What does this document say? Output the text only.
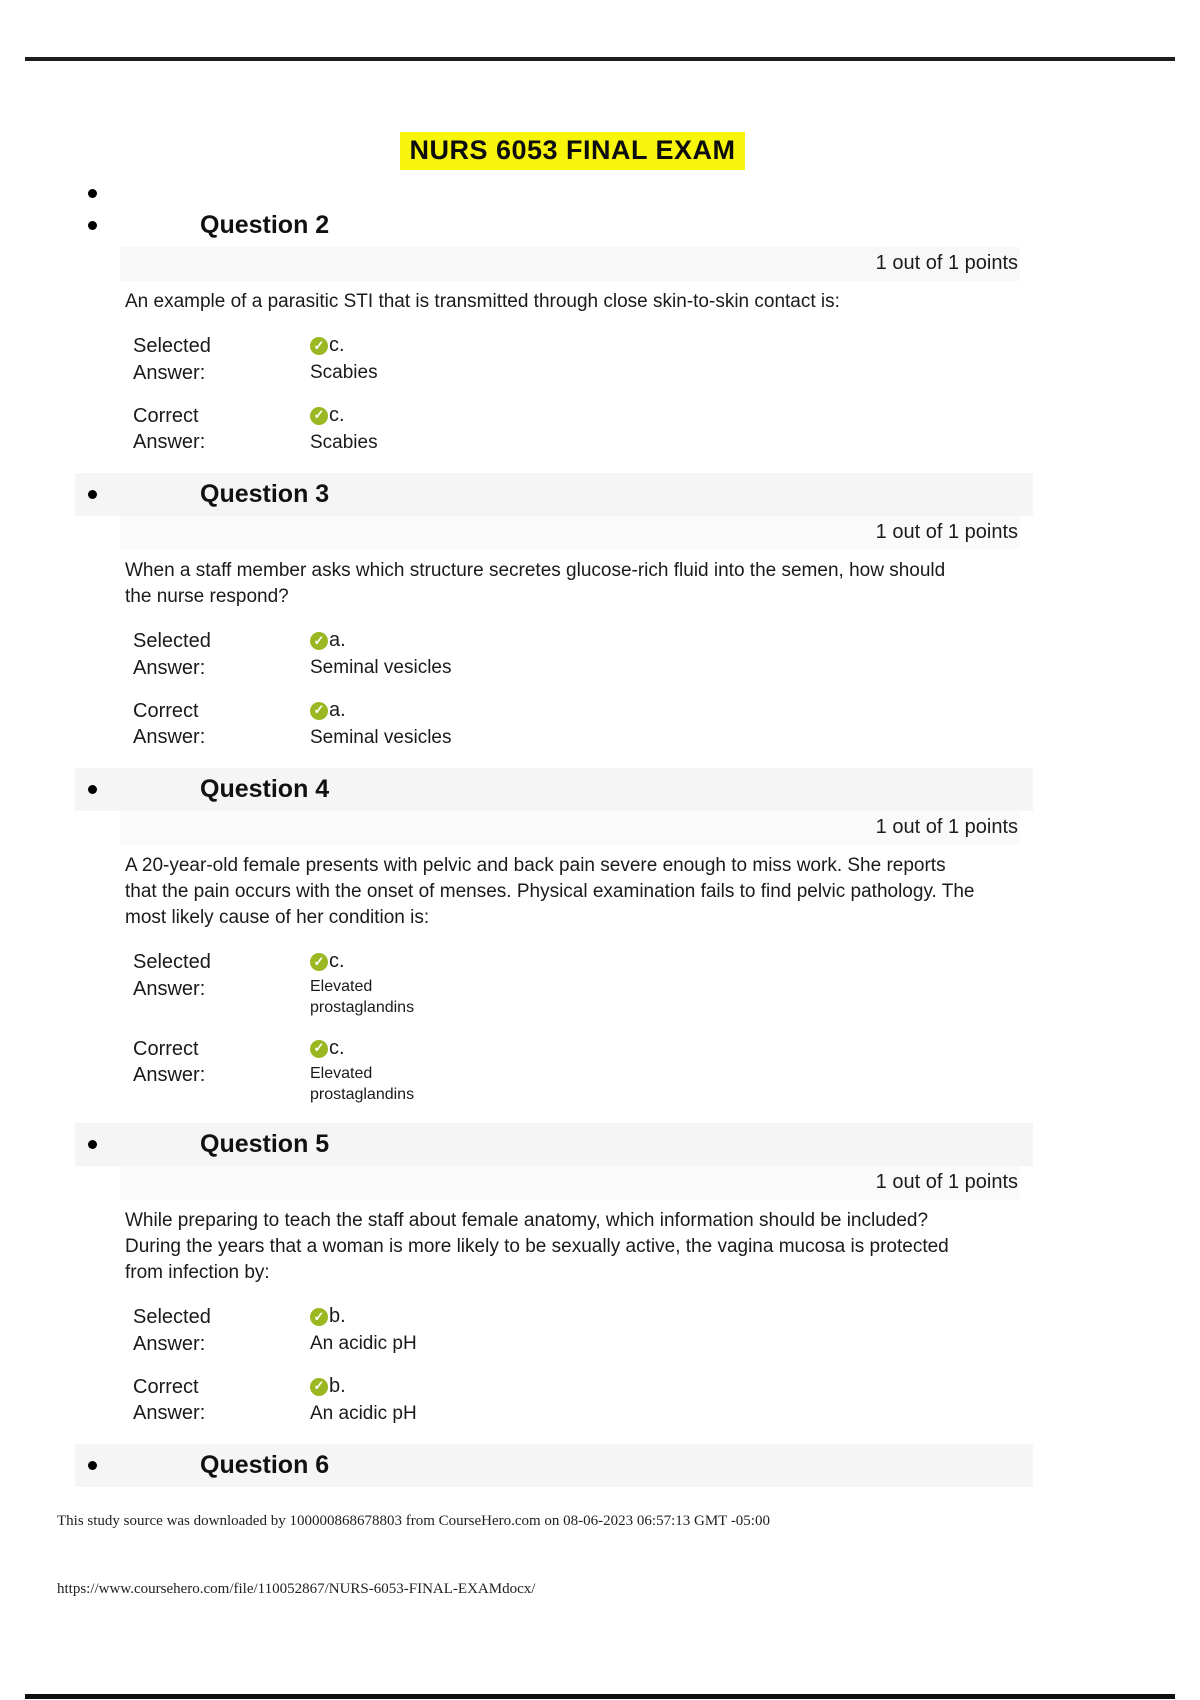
NURS 6053 FINAL EXAM
Question 2
1 out of 1 points
An example of a parasitic STI that is transmitted through close skin-to-skin contact is:
Selected Answer:
✓ c.
Scabies
Correct Answer:
✓ c.
Scabies
Question 3
1 out of 1 points
When a staff member asks which structure secretes glucose-rich fluid into the semen, how should the nurse respond?
Selected Answer:
✓ a.
Seminal vesicles
Correct Answer:
✓ a.
Seminal vesicles
Question 4
1 out of 1 points
A 20-year-old female presents with pelvic and back pain severe enough to miss work. She reports that the pain occurs with the onset of menses. Physical examination fails to find pelvic pathology. The most likely cause of her condition is:
Selected Answer:
✓ c.
Elevated prostaglandins
Correct Answer:
✓ c.
Elevated prostaglandins
Question 5
1 out of 1 points
While preparing to teach the staff about female anatomy, which information should be included? During the years that a woman is more likely to be sexually active, the vagina mucosa is protected from infection by:
Selected Answer:
✓ b.
An acidic pH
Correct Answer:
✓ b.
An acidic pH
Question 6
This study source was downloaded by 100000868678803 from CourseHero.com on 08-06-2023 06:57:13 GMT -05:00
https://www.coursehero.com/file/110052867/NURS-6053-FINAL-EXAMdocx/
